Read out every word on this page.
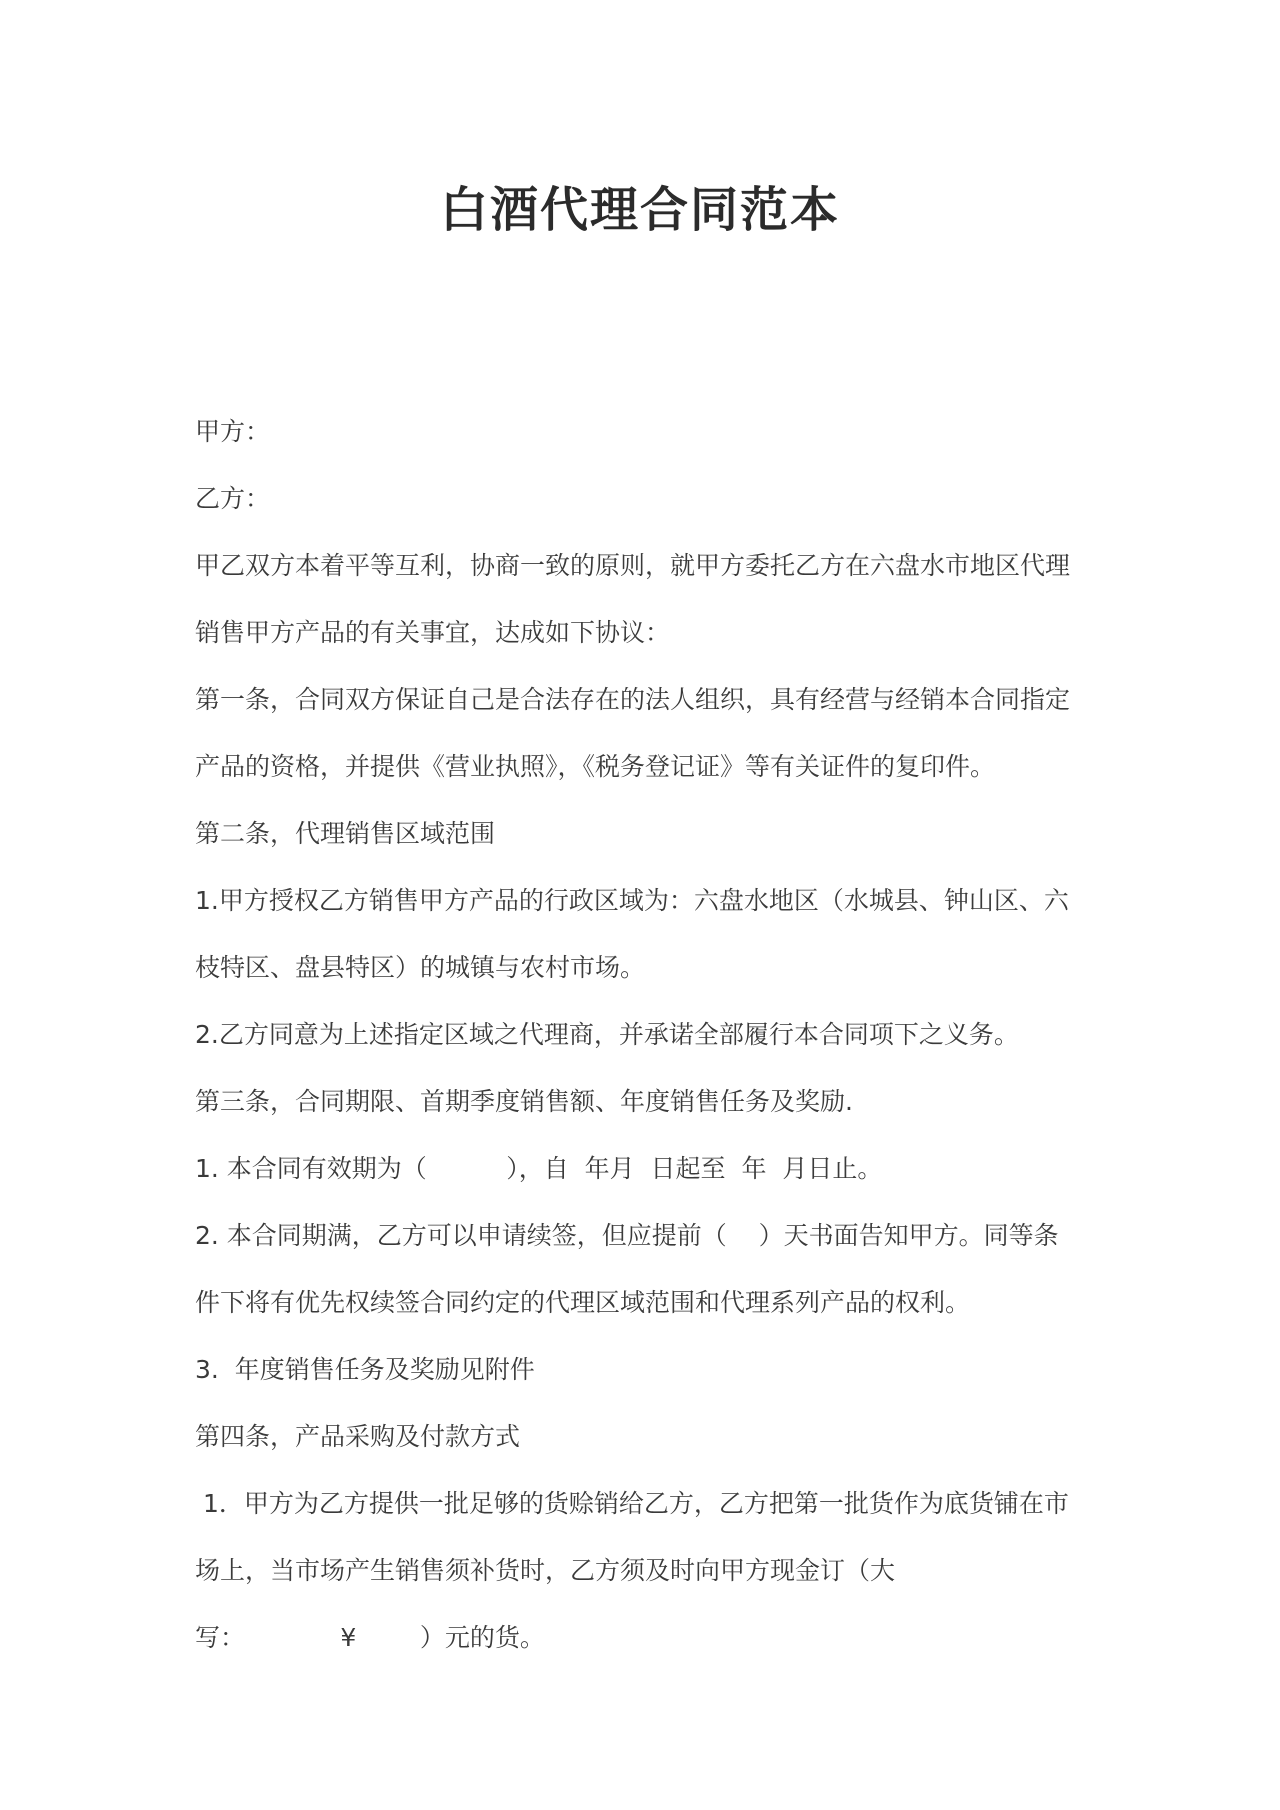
白酒代理合同范本

甲方：

乙方：

甲乙双方本着平等互利，协商一致的原则，就甲方委托乙方在六盘水市地区代理

销售甲方产品的有关事宜，达成如下协议：

第一条，合同双方保证自己是合法存在的法人组织，具有经营与经销本合同指定

产品的资格，并提供《营业执照》，《税务登记证》等有关证件的复印件。

第二条，代理销售区域范围

1.甲方授权乙方销售甲方产品的行政区域为：六盘水地区（水城县、钟山区、六

枝特区、盘县特区）的城镇与农村市场。

2.乙方同意为上述指定区域之代理商，并承诺全部履行本合同项下之义务。

第三条，合同期限、首期季度销售额、年度销售任务及奖励.

1. 本合同有效期为（          ），自  年月  日起至  年  月日止。

2. 本合同期满，乙方可以申请续签，但应提前（    ）天书面告知甲方。同等条

件下将有优先权续签合同约定的代理区域范围和代理系列产品的权利。

3.  年度销售任务及奖励见附件

第四条，产品采购及付款方式

1．甲方为乙方提供一批足够的货赊销给乙方，乙方把第一批货作为底货铺在市

场上，当市场产生销售须补货时，乙方须及时向甲方现金订（大

写：            ¥        ）元的货。
